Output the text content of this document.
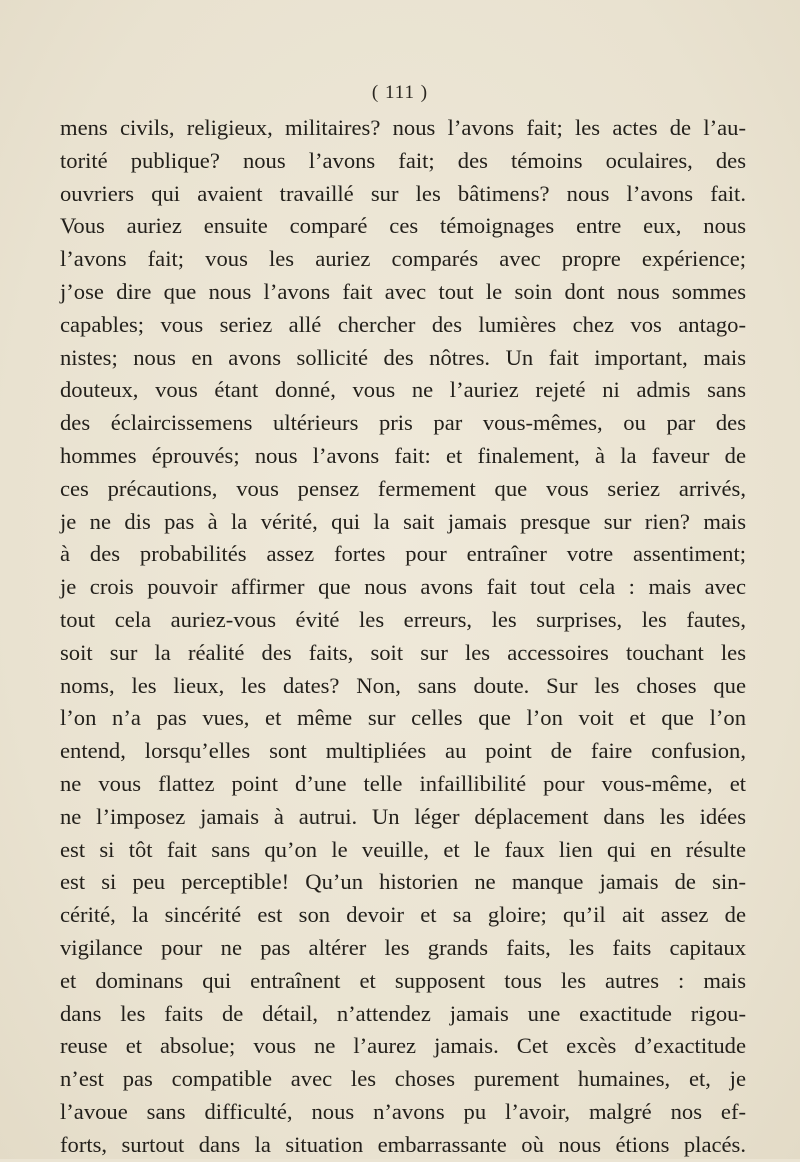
( 111 )
mens civils, religieux, militaires? nous l’avons fait; les actes de l’au-
torité publique? nous l’avons fait; des témoins oculaires, des
ouvriers qui avaient travaillé sur les bâtimens? nous l’avons fait.
Vous auriez ensuite comparé ces témoignages entre eux, nous
l’avons fait; vous les auriez comparés avec propre expérience;
j’ose dire que nous l’avons fait avec tout le soin dont nous sommes
capables; vous seriez allé chercher des lumières chez vos antago-
nistes; nous en avons sollicité des nôtres. Un fait important, mais
douteux, vous étant donné, vous ne l’auriez rejeté ni admis sans
des éclaircissemens ultérieurs pris par vous-mêmes, ou par des
hommes éprouvés; nous l’avons fait: et finalement, à la faveur de
ces précautions, vous pensez fermement que vous seriez arrivés,
je ne dis pas à la vérité, qui la sait jamais presque sur rien? mais
à des probabilités assez fortes pour entraîner votre assentiment;
je crois pouvoir affirmer que nous avons fait tout cela : mais avec
tout cela auriez-vous évité les erreurs, les surprises, les fautes,
soit sur la réalité des faits, soit sur les accessoires touchant les
noms, les lieux, les dates? Non, sans doute. Sur les choses que
l’on n’a pas vues, et même sur celles que l’on voit et que l’on
entend, lorsqu’elles sont multipliées au point de faire confusion,
ne vous flattez point d’une telle infaillibilité pour vous-même, et
ne l’imposez jamais à autrui. Un léger déplacement dans les idées
est si tôt fait sans qu’on le veuille, et le faux lien qui en résulte
est si peu perceptible! Qu’un historien ne manque jamais de sin-
cérité, la sincérité est son devoir et sa gloire; qu’il ait assez de
vigilance pour ne pas altérer les grands faits, les faits capitaux
et dominans qui entraînent et supposent tous les autres : mais
dans les faits de détail, n’attendez jamais une exactitude rigou-
reuse et absolue; vous ne l’aurez jamais. Cet excès d’exactitude
n’est pas compatible avec les choses purement humaines, et, je
l’avoue sans difficulté, nous n’avons pu l’avoir, malgré nos ef-
forts, surtout dans la situation embarrassante où nous étions placés.
